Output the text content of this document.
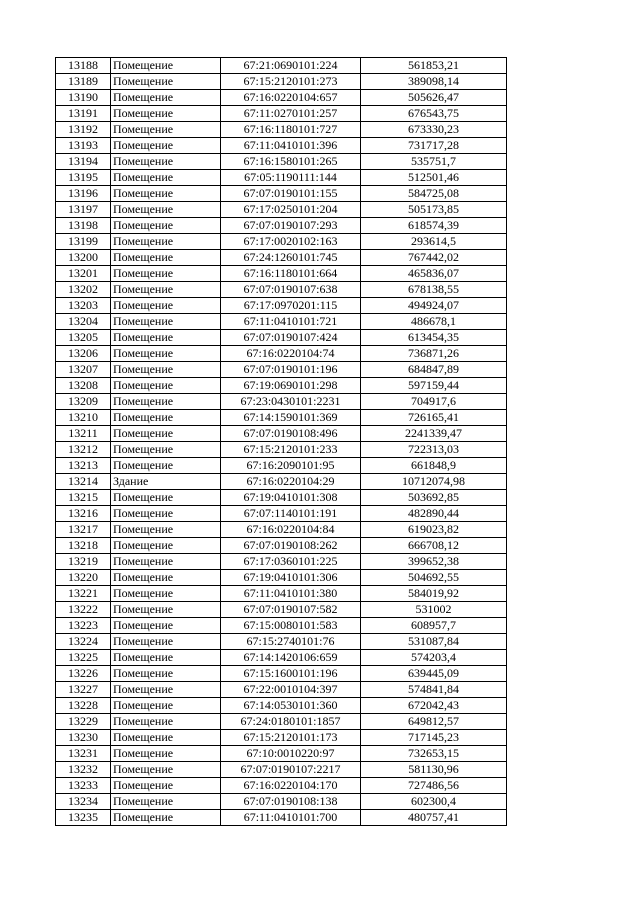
13188	Помещение	67:21:0690101:224	561853,21
13189	Помещение	67:15:2120101:273	389098,14
13190	Помещение	67:16:0220104:657	505626,47
13191	Помещение	67:11:0270101:257	676543,75
13192	Помещение	67:16:1180101:727	673330,23
13193	Помещение	67:11:0410101:396	731717,28
13194	Помещение	67:16:1580101:265	535751,7
13195	Помещение	67:05:1190111:144	512501,46
13196	Помещение	67:07:0190101:155	584725,08
13197	Помещение	67:17:0250101:204	505173,85
13198	Помещение	67:07:0190107:293	618574,39
13199	Помещение	67:17:0020102:163	293614,5
13200	Помещение	67:24:1260101:745	767442,02
13201	Помещение	67:16:1180101:664	465836,07
13202	Помещение	67:07:0190107:638	678138,55
13203	Помещение	67:17:0970201:115	494924,07
13204	Помещение	67:11:0410101:721	486678,1
13205	Помещение	67:07:0190107:424	613454,35
13206	Помещение	67:16:0220104:74	736871,26
13207	Помещение	67:07:0190101:196	684847,89
13208	Помещение	67:19:0690101:298	597159,44
13209	Помещение	67:23:0430101:2231	704917,6
13210	Помещение	67:14:1590101:369	726165,41
13211	Помещение	67:07:0190108:496	2241339,47
13212	Помещение	67:15:2120101:233	722313,03
13213	Помещение	67:16:2090101:95	661848,9
13214	Здание	67:16:0220104:29	10712074,98
13215	Помещение	67:19:0410101:308	503692,85
13216	Помещение	67:07:1140101:191	482890,44
13217	Помещение	67:16:0220104:84	619023,82
13218	Помещение	67:07:0190108:262	666708,12
13219	Помещение	67:17:0360101:225	399652,38
13220	Помещение	67:19:0410101:306	504692,55
13221	Помещение	67:11:0410101:380	584019,92
13222	Помещение	67:07:0190107:582	531002
13223	Помещение	67:15:0080101:583	608957,7
13224	Помещение	67:15:2740101:76	531087,84
13225	Помещение	67:14:1420106:659	574203,4
13226	Помещение	67:15:1600101:196	639445,09
13227	Помещение	67:22:0010104:397	574841,84
13228	Помещение	67:14:0530101:360	672042,43
13229	Помещение	67:24:0180101:1857	649812,57
13230	Помещение	67:15:2120101:173	717145,23
13231	Помещение	67:10:0010220:97	732653,15
13232	Помещение	67:07:0190107:2217	581130,96
13233	Помещение	67:16:0220104:170	727486,56
13234	Помещение	67:07:0190108:138	602300,4
13235	Помещение	67:11:0410101:700	480757,41
